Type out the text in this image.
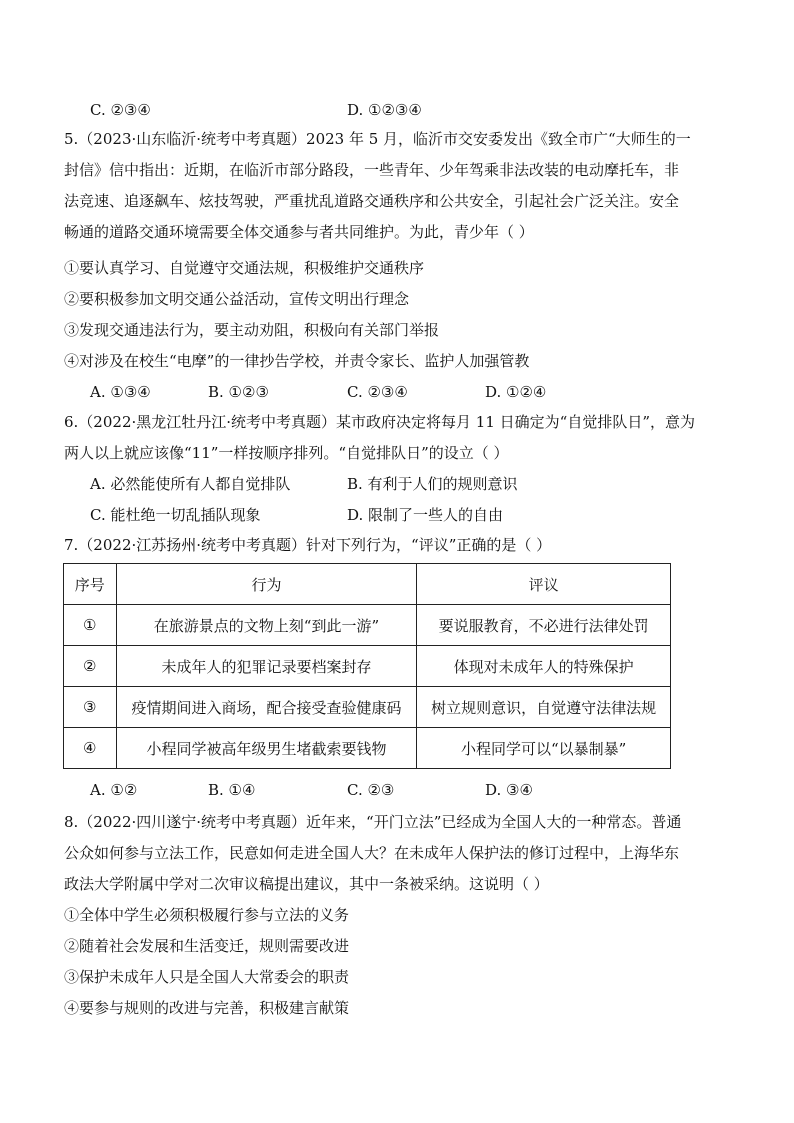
C. ②③④	D. ①②③④
5.（2023·山东临沂·统考中考真题）2023 年 5 月，临沂市交安委发出《致全市广“大师生的一
封信》信中指出：近期，在临沂市部分路段，一些青年、少年驾乘非法改装的电动摩托车，非
法竞速、追逐飙车、炫技驾驶，严重扰乱道路交通秩序和公共安全，引起社会广泛关注。安全
畅通的道路交通环境需要全体交通参与者共同维护。为此，青少年（ ）
①要认真学习、自觉遵守交通法规，积极维护交通秩序
②要积极参加文明交通公益活动，宣传文明出行理念
③发现交通违法行为，要主动劝阻，积极向有关部门举报
④对涉及在校生“电摩”的一律抄告学校，并责令家长、监护人加强管教
A. ①③④	B. ①②③	C. ②③④	D. ①②④
6.（2022·黑龙江牡丹江·统考中考真题）某市政府决定将每月 11 日确定为“自觉排队日”，意为
两人以上就应该像“11”一样按顺序排列。“自觉排队日”的设立（ ）
A. 必然能使所有人都自觉排队	B. 有利于人们的规则意识
C. 能杜绝一切乱插队现象	D. 限制了一些人的自由
7.（2022·江苏扬州·统考中考真题）针对下列行为，“评议”正确的是（ ）
序号	行为	评议
①	在旅游景点的文物上刻“到此一游”	要说服教育，不必进行法律处罚
②	未成年人的犯罪记录要档案封存	体现对未成年人的特殊保护
③	疫情期间进入商场，配合接受查验健康码	树立规则意识，自觉遵守法律法规
④	小程同学被高年级男生堵截索要钱物	小程同学可以“以暴制暴”
A. ①②	B. ①④	C. ②③	D. ③④
8.（2022·四川遂宁·统考中考真题）近年来，“开门立法”已经成为全国人大的一种常态。普通
公众如何参与立法工作，民意如何走进全国人大？在未成年人保护法的修订过程中，上海华东
政法大学附属中学对二次审议稿提出建议，其中一条被采纳。这说明（ ）
①全体中学生必须积极履行参与立法的义务
②随着社会发展和生活变迁，规则需要改进
③保护未成年人只是全国人大常委会的职责
④要参与规则的改进与完善，积极建言献策
